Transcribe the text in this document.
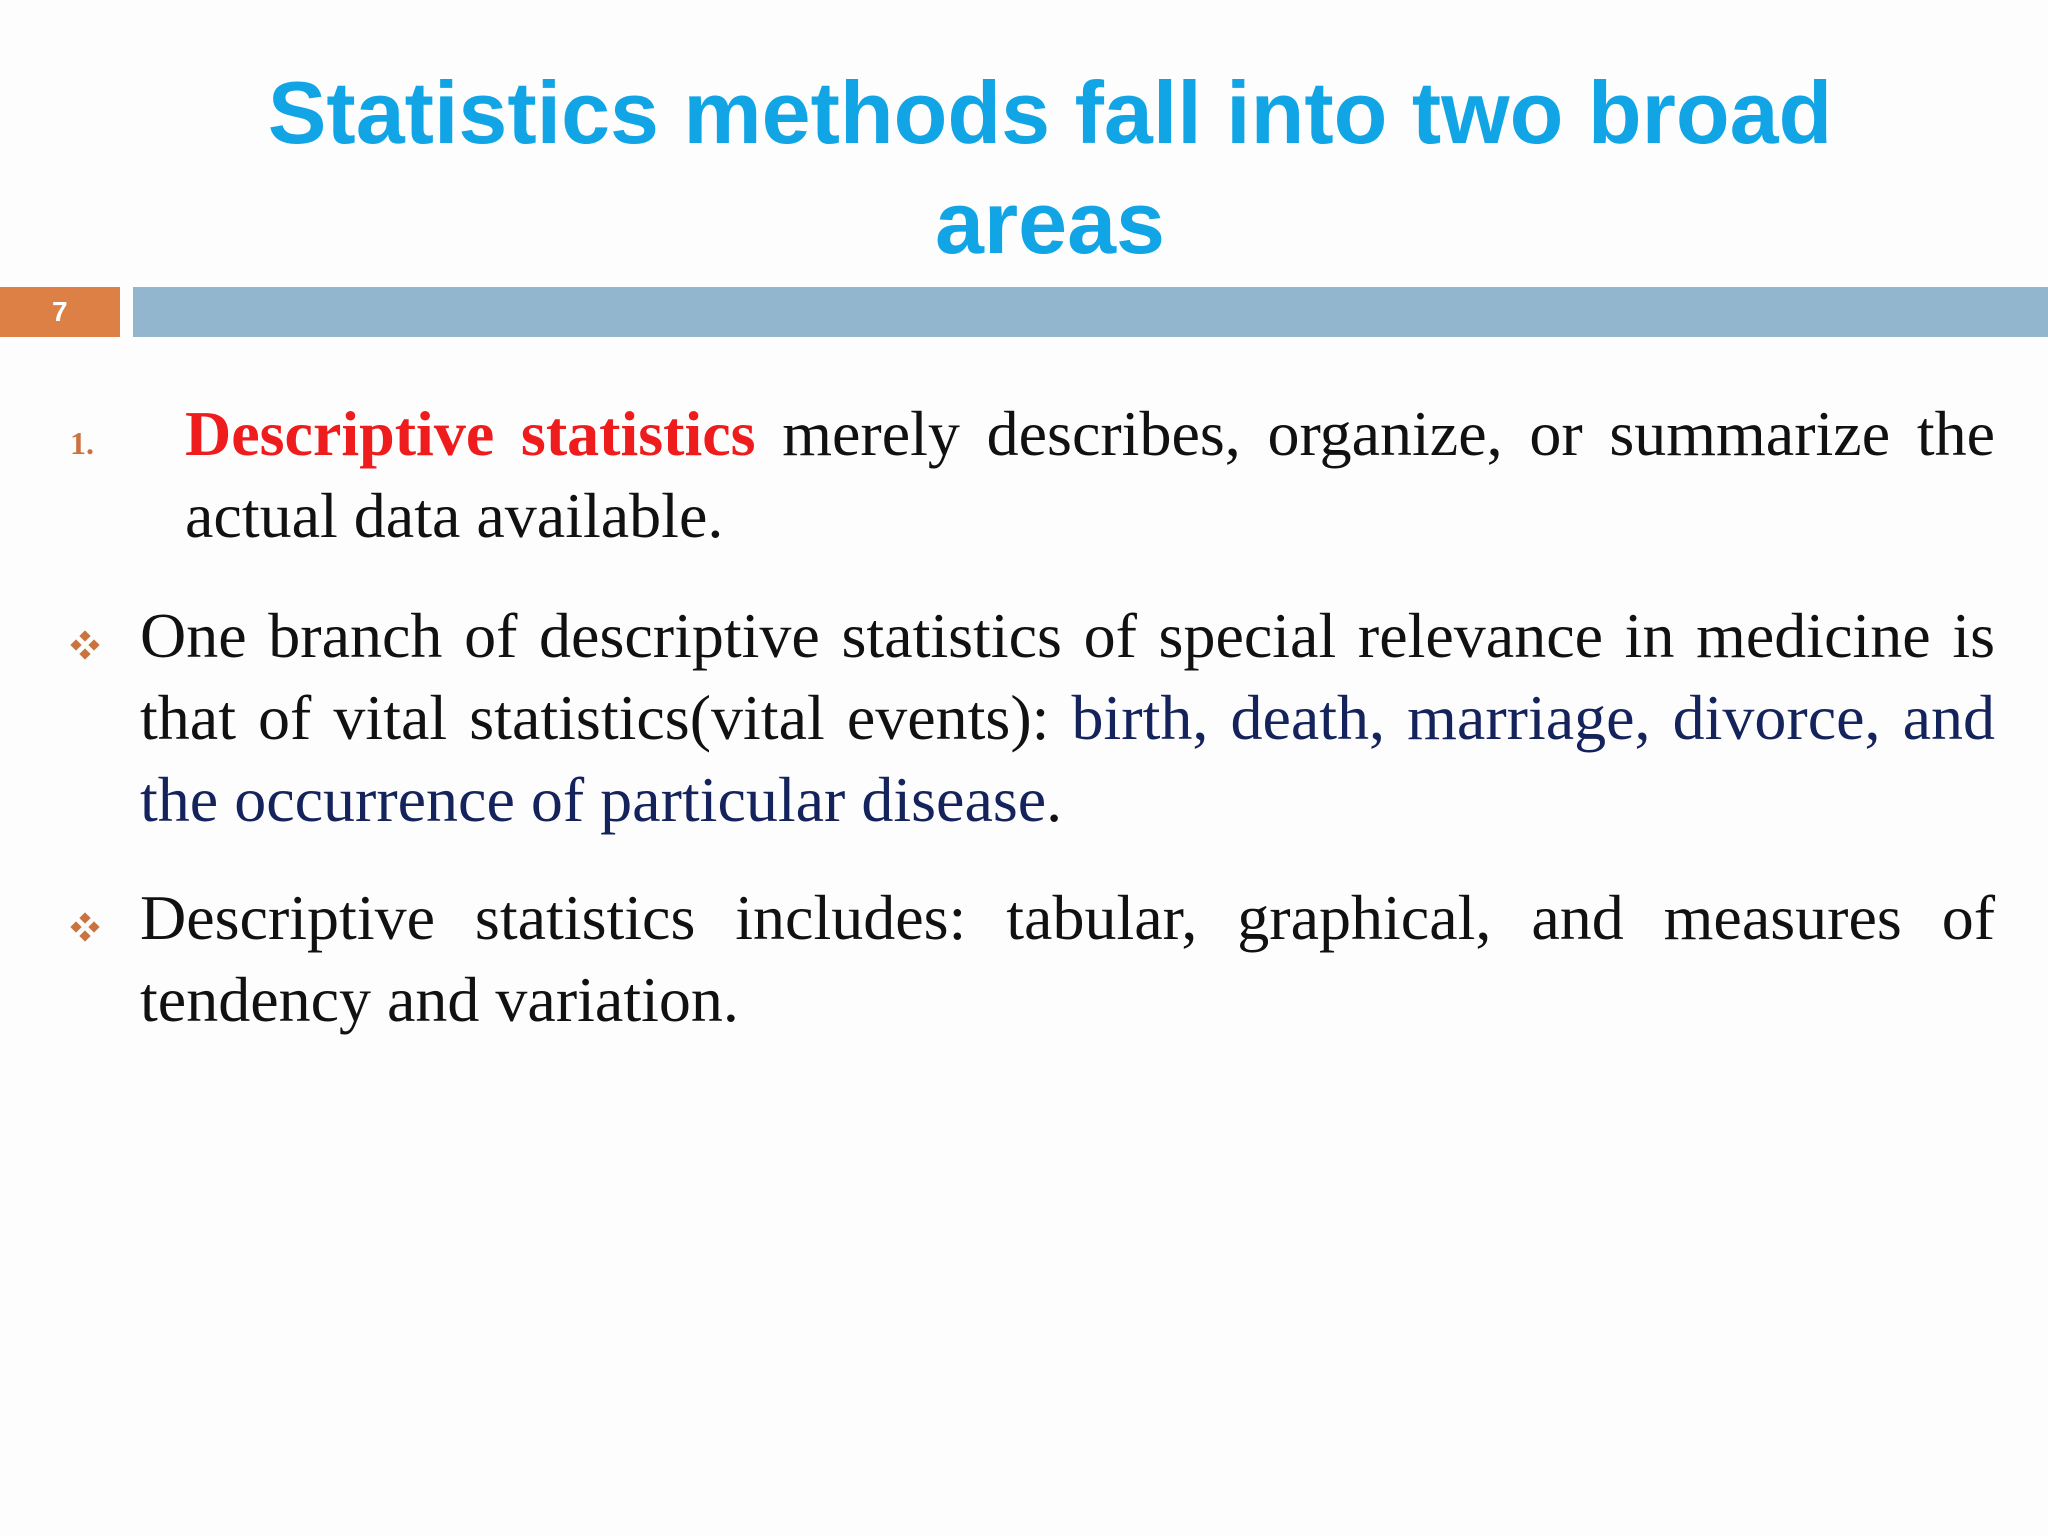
Statistics methods fall into two broad
areas
7
1. Descriptive statistics merely describes, organize, or summarize the actual data available.
One branch of descriptive statistics of special relevance in medicine is that of vital statistics(vital events): birth, death, marriage, divorce, and the occurrence of particular disease.
Descriptive statistics includes: tabular, graphical, and measures of tendency and variation.
